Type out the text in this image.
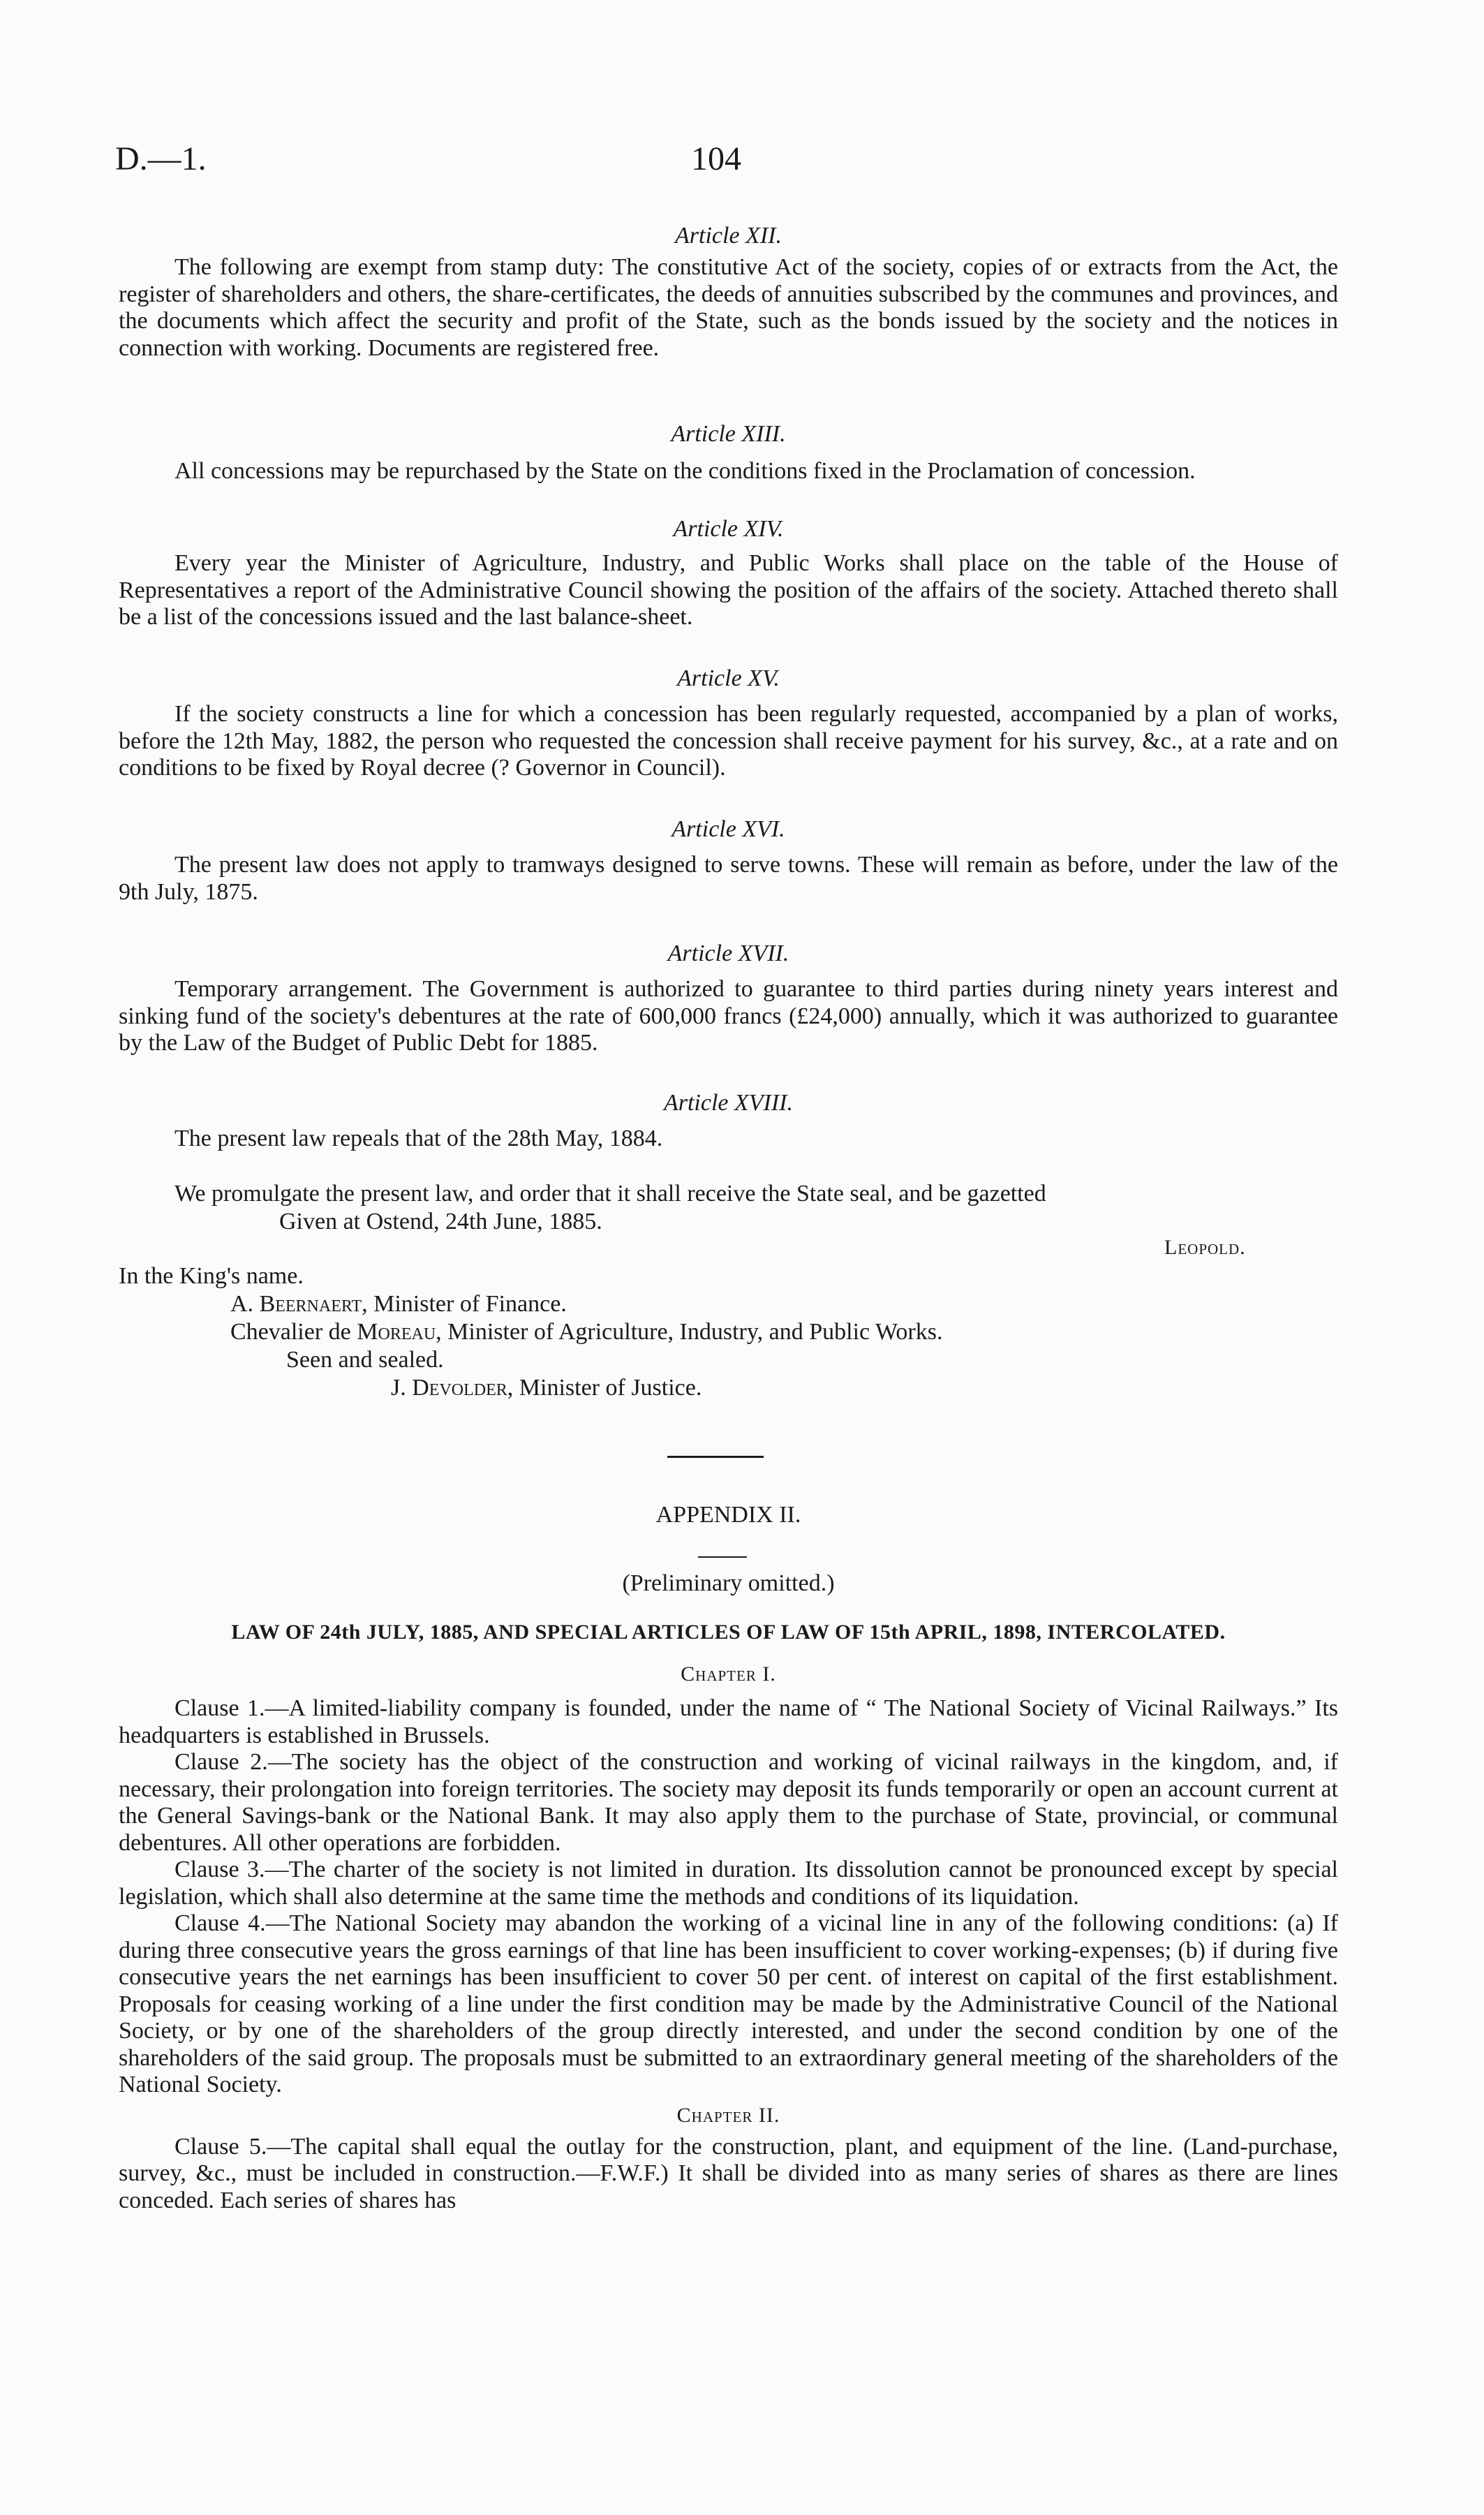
D.—1.	104

Article XII.

The following are exempt from stamp duty: The constitutive Act of the society, copies of or extracts from the Act, the register of shareholders and others, the share-certificates, the deeds of annuities subscribed by the communes and provinces, and the documents which affect the security and profit of the State, such as the bonds issued by the society and the notices in connection with working. Documents are registered free.

Article XIII.

All concessions may be repurchased by the State on the conditions fixed in the Proclamation of concession.

Article XIV.

Every year the Minister of Agriculture, Industry, and Public Works shall place on the table of the House of Representatives a report of the Administrative Council showing the position of the affairs of the society. Attached thereto shall be a list of the concessions issued and the last balance-sheet.

Article XV.

If the society constructs a line for which a concession has been regularly requested, accompanied by a plan of works, before the 12th May, 1882, the person who requested the concession shall receive payment for his survey, &c., at a rate and on conditions to be fixed by Royal decree (? Governor in Council).

Article XVI.

The present law does not apply to tramways designed to serve towns. These will remain as before, under the law of the 9th July, 1875.

Article XVII.

Temporary arrangement. The Government is authorized to guarantee to third parties during ninety years interest and sinking fund of the society's debentures at the rate of 600,000 francs (£24,000) annually, which it was authorized to guarantee by the Law of the Budget of Public Debt for 1885.

Article XVIII.

The present law repeals that of the 28th May, 1884.

We promulgate the present law, and order that it shall receive the State seal, and be gazetted

Given at Ostend, 24th June, 1885.

Leopold.

In the King's name.

A. Beernaert, Minister of Finance.

Chevalier de Moreau, Minister of Agriculture, Industry, and Public Works.

Seen and sealed.

J. Devolder, Minister of Justice.

APPENDIX II.

(Preliminary omitted.)

LAW OF 24th JULY, 1885, AND SPECIAL ARTICLES OF LAW OF 15th APRIL, 1898, INTERCOLATED.

Chapter I.

Clause 1.—A limited-liability company is founded, under the name of “ The National Society of Vicinal Railways.” Its headquarters is established in Brussels.

Clause 2.—The society has the object of the construction and working of vicinal railways in the kingdom, and, if necessary, their prolongation into foreign territories. The society may deposit its funds temporarily or open an account current at the General Savings-bank or the National Bank. It may also apply them to the purchase of State, provincial, or communal debentures. All other operations are forbidden.

Clause 3.—The charter of the society is not limited in duration. Its dissolution cannot be pronounced except by special legislation, which shall also determine at the same time the methods and conditions of its liquidation.

Clause 4.—The National Society may abandon the working of a vicinal line in any of the following conditions: (a) If during three consecutive years the gross earnings of that line has been insufficient to cover working-expenses; (b) if during five consecutive years the net earnings has been insufficient to cover 50 per cent. of interest on capital of the first establishment. Proposals for ceasing working of a line under the first condition may be made by the Administrative Council of the National Society, or by one of the shareholders of the group directly interested, and under the second condition by one of the shareholders of the said group. The proposals must be submitted to an extraordinary general meeting of the shareholders of the National Society.

Chapter II.

Clause 5.—The capital shall equal the outlay for the construction, plant, and equipment of the line. (Land-purchase, survey, &c., must be included in construction.—F.W.F.) It shall be divided into as many series of shares as there are lines conceded. Each series of shares has
